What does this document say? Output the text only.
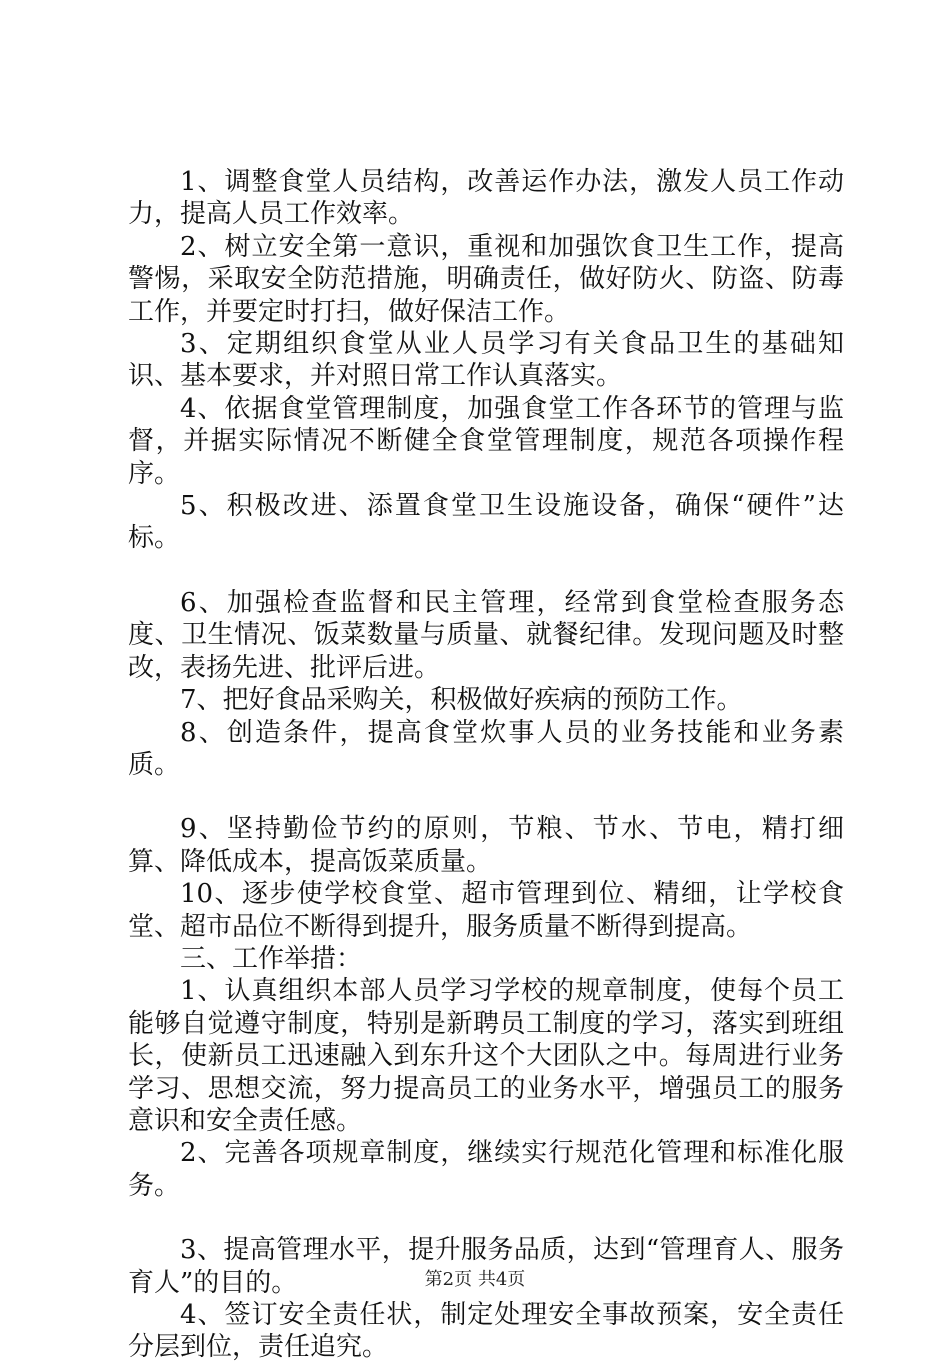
1、调整食堂人员结构，改善运作办法，激发人员工作动力，提高人员工作效率。

2、树立安全第一意识，重视和加强饮食卫生工作，提高警惕，采取安全防范措施，明确责任，做好防火、防盗、防毒工作，并要定时打扫，做好保洁工作。

3、定期组织食堂从业人员学习有关食品卫生的基础知识、基本要求，并对照日常工作认真落实。

4、依据食堂管理制度，加强食堂工作各环节的管理与监督，并据实际情况不断健全食堂管理制度，规范各项操作程序。

5、积极改进、添置食堂卫生设施设备，确保“硬件”达标。

6、加强检查监督和民主管理，经常到食堂检查服务态度、卫生情况、饭菜数量与质量、就餐纪律。发现问题及时整改，表扬先进、批评后进。

7、把好食品采购关，积极做好疾病的预防工作。

8、创造条件，提高食堂炊事人员的业务技能和业务素质。

9、坚持勤俭节约的原则，节粮、节水、节电，精打细算、降低成本，提高饭菜质量。

10、逐步使学校食堂、超市管理到位、精细，让学校食堂、超市品位不断得到提升，服务质量不断得到提高。

三、工作举措：

1、认真组织本部人员学习学校的规章制度，使每个员工能够自觉遵守制度，特别是新聘员工制度的学习，落实到班组长，使新员工迅速融入到东升这个大团队之中。每周进行业务学习、思想交流，努力提高员工的业务水平，增强员工的服务意识和安全责任感。

2、完善各项规章制度，继续实行规范化管理和标准化服务。

3、提高管理水平，提升服务品质，达到“管理育人、服务育人”的目的。

4、签订安全责任状，制定处理安全事故预案，安全责任分层到位，责任追究。

第2页 共4页
